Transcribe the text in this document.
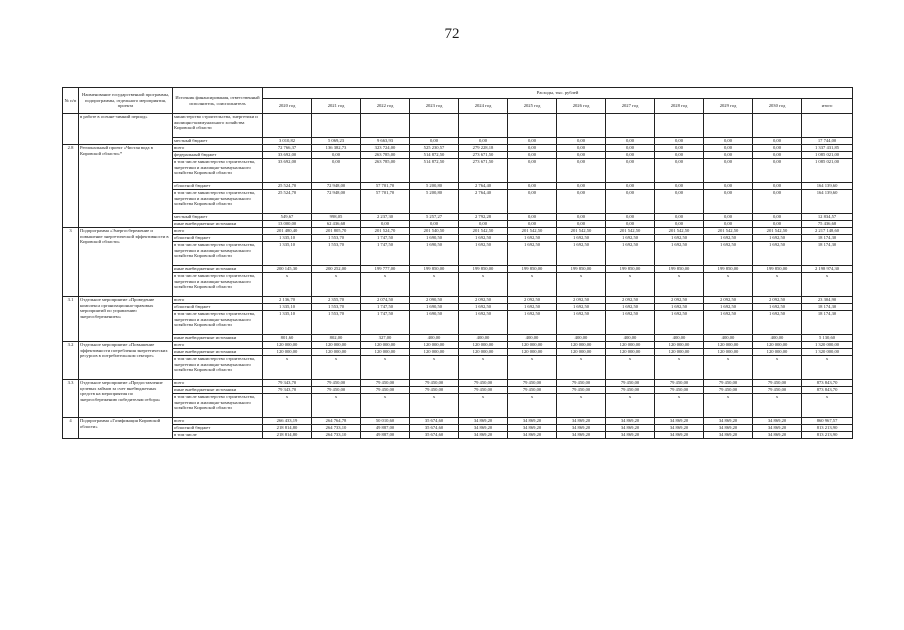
72
№ п/п	Наименование государственной программы, подпрограммы, отдельного мероприятия, проекта	Источник финансирования, ответственный исполнитель, соисполнитель	Расходы, тыс. рублей											
			2020 год	2021 год	2022 год	2023 год	2024 год	2025 год	2026 год	2027 год	2028 год	2029 год	2030 год	итого
	в работе в осенне-зимний период»	министерство строительства, энергетики и жилищно-коммунального хозяйства Кировской области												
		местный бюджет	3 010,82	5 069,23	9 663,93	0,00	0,00	0,00	0,00	0,00	0,00	0,00	0,00	17 744,00
2.8	Региональный проект «Чистая вода в Кировской области»*	всего	72 766,37	136 382,73	323 724,00	525 230,57	279 228,18	0,00	0,00	0,00	0,00	0,00	0,00	1 337 431,85
		федеральный бюджет	33 692,00	0,00	263 785,00	514 872,50	273 671,50	0,00	0,00	0,00	0,00	0,00	0,00	1 085 021,00
		в том числе министерство строительства, энергетики и жилищно-коммунального хозяйства Кировской области	33 692,00	0,00	263 785,00	514 872,50	273 671,50	0,00	0,00	0,00	0,00	0,00	0,00	1 085 021,00
		областной бюджет	25 524,70	72 948,00	57 701,70	5 200,80	2 764,40	0,00	0,00	0,00	0,00	0,00	0,00	164 139,60
		в том числе министерство строительства, энергетики и жилищно-коммунального хозяйства Кировской области	25 524,70	72 948,00	57 701,70	5 200,80	2 764,40	0,00	0,00	0,00	0,00	0,00	0,00	164 139,60
		местный бюджет	549,67	998,05	2 237,30	5 257,27	2 792,28	0,00	0,00	0,00	0,00	0,00	0,00	12 834,57
		иные внебюджетные источники	13 000,00	62 436,68	0,00	0,00	0,00	0,00	0,00	0,00	0,00	0,00	0,00	75 436,68
3	Подпрограмма «Энергосбережение и повышение энергетической эффективности в Кировской области»	всего	201 480,40	201 805,70	201 524,70	201 540,50	201 542,50	201 542,50	201 542,50	201 542,50	201 542,50	201 542,50	201 542,50	2 217 148,60
		областной бюджет	1 335,10	1 553,70	1 747,50	1 690,50	1 692,50	1 692,50	1 692,50	1 692,50	1 692,50	1 692,50	1 692,50	18 174,30
		в том числе министерство строительства, энергетики и жилищно-коммунального хозяйства Кировской области	1 335,10	1 553,70	1 747,50	1 690,50	1 692,50	1 692,50	1 692,50	1 692,50	1 692,50	1 692,50	1 692,50	18 174,30
		иные внебюджетные источники	200 145,30	200 252,00	199 777,00	199 850,00	199 850,00	199 850,00	199 850,00	199 850,00	199 850,00	199 850,00	199 850,00	2 198 974,30
		в том числе министерство строительства, энергетики и жилищно-коммунального хозяйства Кировской области	x	x	x	x	x	x	x	x	x	x	x	x
3.1	Отдельное мероприятие «Проведение комплекса организационно-правовых мероприятий по управлению энергосбережением»	всего	2 136,70	2 355,70	2 074,50	2 090,50	2 092,50	2 092,50	2 092,50	2 092,50	2 092,50	2 092,50	2 092,50	23 304,90
		областной бюджет	1 335,10	1 553,70	1 747,50	1 690,50	1 692,50	1 692,50	1 692,50	1 692,50	1 692,50	1 692,50	1 692,50	18 174,30
		в том числе министерство строительства, энергетики и жилищно-коммунального хозяйства Кировской области	1 335,10	1 553,70	1 747,50	1 690,50	1 692,50	1 692,50	1 692,50	1 692,50	1 692,50	1 692,50	1 692,50	18 174,30
		иные внебюджетные источники	801,60	802,00	327,00	400,00	400,00	400,00	400,00	400,00	400,00	400,00	400,00	5 130,60
3.2	Отдельное мероприятие «Повышение эффективности потребления энергетических ресурсов в потребительском секторе»	всего	120 000,00	120 000,00	120 000,00	120 000,00	120 000,00	120 000,00	120 000,00	120 000,00	120 000,00	120 000,00	120 000,00	1 320 000,00
		иные внебюджетные источники	120 000,00	120 000,00	120 000,00	120 000,00	120 000,00	120 000,00	120 000,00	120 000,00	120 000,00	120 000,00	120 000,00	1 320 000,00
		в том числе министерство строительства, энергетики и жилищно-коммунального хозяйства Кировской области	x	x	x	x	x	x	x	x	x	x	x	x
3.3	Отдельное мероприятие «Предоставление целевых займов за счет внебюджетных средств на мероприятия по энергосбережению победителям отбора»	всего	79 343,70	79 450,00	79 450,00	79 450,00	79 450,00	79 450,00	79 450,00	79 450,00	79 450,00	79 450,00	79 450,00	873 843,70
		иные внебюджетные источники	79 343,70	79 450,00	79 450,00	79 450,00	79 450,00	79 450,00	79 450,00	79 450,00	79 450,00	79 450,00	79 450,00	873 843,70
		в том числе министерство строительства, энергетики и жилищно-коммунального хозяйства Кировской области	x	x	x	x	x	x	x	x	x	x	x	x
4	Подпрограмма «Газификация Кировской области»	всего	266 433,19	264 764,78	50 010,60	35 674,60	34 869,20	34 869,20	34 869,20	34 869,20	34 869,20	34 869,20	34 869,20	860 967,57
		областной бюджет	218 814,80	264 733,10	49 887,00	35 674,60	34 869,20	34 869,20	34 869,20	34 869,20	34 869,20	34 869,20	34 869,20	813 213,90
		в том числе	218 814,80	264 733,10	49 887,00	35 674,60	34 869,20	34 869,20	34 869,20	34 869,20	34 869,20	34 869,20	34 869,20	813 213,90
